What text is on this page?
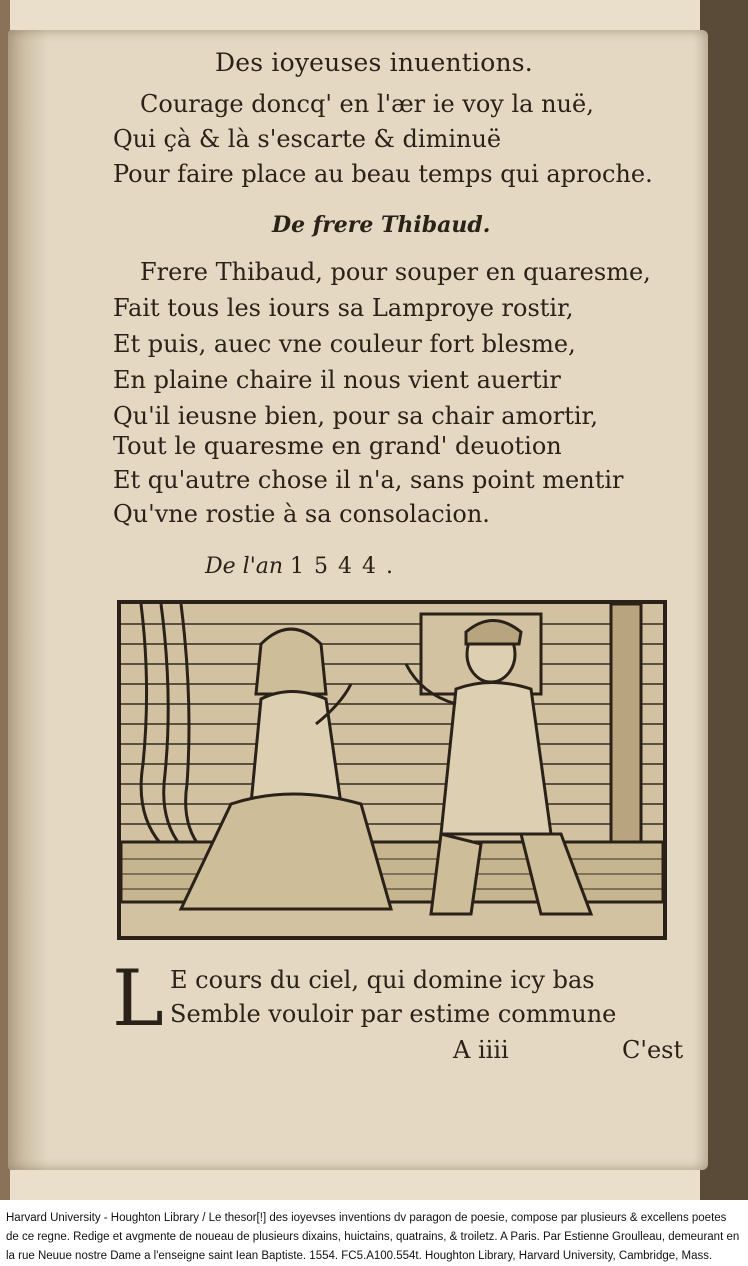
Des ioyeuses inuentions.
Courage doncq' en l'ær ie voy la nuë,
Qui çà & là s'escarte & diminuë
Pour faire place au beau temps qui aproche.
De frere Thibaud.
Frere Thibaud, pour souper en quaresme,
Fait tous les iours sa Lamproye rostir,
Et puis, auec vne couleur fort blesme,
En plaine chaire il nous vient auertir
Qu'il ieusne bien, pour sa chair amortir,
Tout le quaresme en grand' deuotion
Et qu'autre chose il n'a, sans point mentir
Qu'vne rostie à sa consolacion.
De l'an 1544.
L E cours du ciel, qui domine icy bas
Semble vouloir par estime commune
A iiii	C'est
Harvard University - Houghton Library / Le thesor[!] des ioyevses inventions dv paragon de poesie, compose par plusieurs & excellens poetes de ce regne. Redige et avgmente de noueau de plusieurs dixains, huictains, quatrains, & troiletz. A Paris. Par Estienne Groulleau, demeurant en la rue Neuue nostre Dame a l'enseigne saint Iean Baptiste. 1554. FC5.A100.554t. Houghton Library, Harvard University, Cambridge, Mass.
